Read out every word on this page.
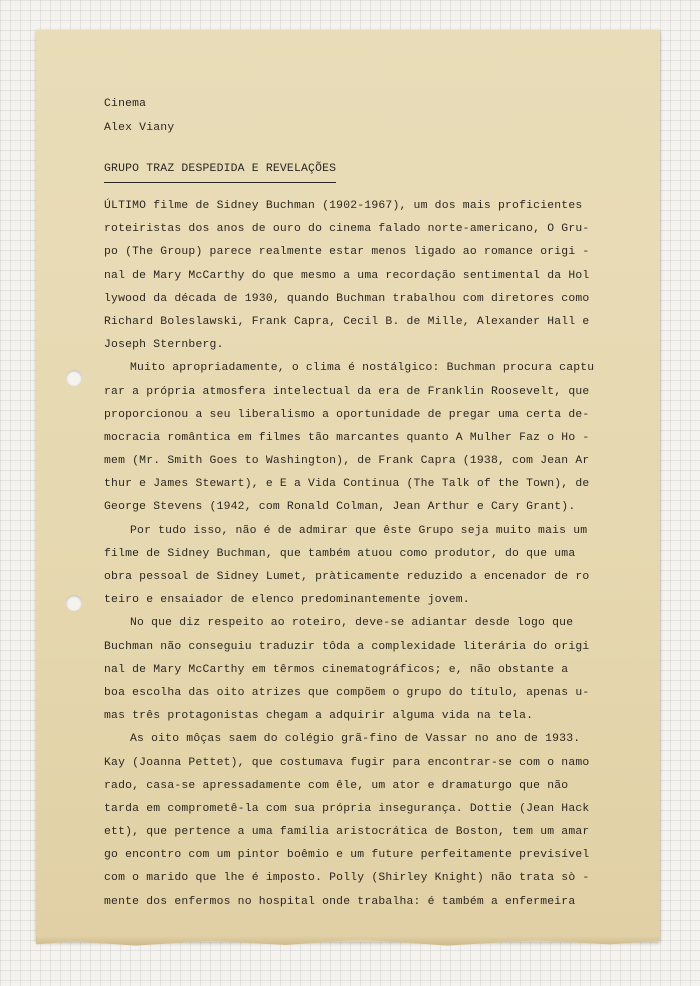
Cinema
Alex Viany
GRUPO TRAZ DESPEDIDA E REVELAÇÕES
ÚLTIMO filme de Sidney Buchman (1902-1967), um dos mais proficientes
roteiristas dos anos de ouro do cinema falado norte-americano, O Gru-
po (The Group) parece realmente estar menos ligado ao romance origi -
nal de Mary McCarthy do que mesmo a uma recordação sentimental da Hol
lywood da década de 1930, quando Buchman trabalhou com diretores como
Richard Boleslawski, Frank Capra, Cecil B. de Mille, Alexander Hall e
Joseph Sternberg.
Muito apropriadamente, o clima é nostálgico: Buchman procura captu
rar a própria atmosfera intelectual da era de Franklin Roosevelt, que
proporcionou a seu liberalismo a oportunidade de pregar uma certa de-
mocracia romântica em filmes tão marcantes quanto A Mulher Faz o Ho -
mem (Mr. Smith Goes to Washington), de Frank Capra (1938, com Jean Ar
thur e James Stewart), e E a Vida Continua (The Talk of the Town), de
George Stevens (1942, com Ronald Colman, Jean Arthur e Cary Grant).
Por tudo isso, não é de admirar que êste Grupo seja muito mais um
filme de Sidney Buchman, que também atuou como produtor, do que uma
obra pessoal de Sidney Lumet, pràticamente reduzido a encenador de ro
teiro e ensaiador de elenco predominantemente jovem.
No que diz respeito ao roteiro, deve-se adiantar desde logo que
Buchman não conseguiu traduzir tôda a complexidade literária do origi
nal de Mary McCarthy em têrmos cinematográficos; e, não obstante a
boa escolha das oito atrizes que compõem o grupo do título, apenas u-
mas três protagonistas chegam a adquirir alguma vida na tela.
As oito môças saem do colégio grã-fino de Vassar no ano de 1933.
Kay (Joanna Pettet), que costumava fugir para encontrar-se com o namo
rado, casa-se apressadamente com êle, um ator e dramaturgo que não
tarda em comprometê-la com sua própria insegurança. Dottie (Jean Hack
ett), que pertence a uma família aristocrática de Boston, tem um amar
go encontro com um pintor boêmio e um future perfeitamente previsível
com o marido que lhe é imposto. Polly (Shirley Knight) não trata sò -
mente dos enfermos no hospital onde trabalha: é também a enfermeira
